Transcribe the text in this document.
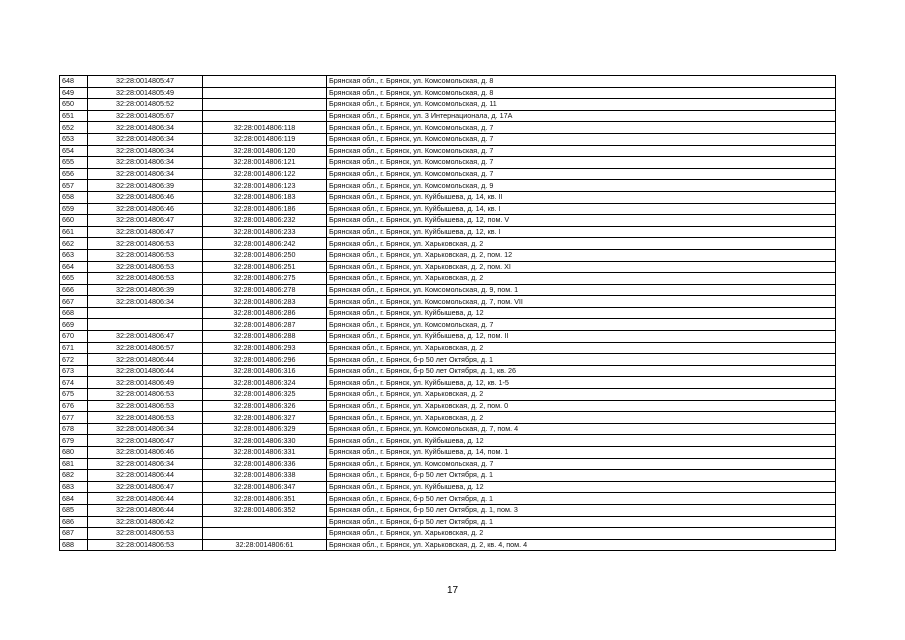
648	32:28:0014805:47		Брянская обл., г. Брянск, ул. Комсомольская, д. 8
649	32:28:0014805:49		Брянская обл., г. Брянск, ул. Комсомольская, д. 8
650	32:28:0014805:52		Брянская обл., г. Брянск, ул. Комсомольская, д. 11
651	32:28:0014805:67		Брянская обл., г. Брянск, ул. 3 Интернационала, д. 17А
652	32:28:0014806:34	32:28:0014806:118	Брянская обл., г. Брянск, ул. Комсомольская, д. 7
653	32:28:0014806:34	32:28:0014806:119	Брянская обл., г. Брянск, ул. Комсомольская, д. 7
654	32:28:0014806:34	32:28:0014806:120	Брянская обл., г. Брянск, ул. Комсомольская, д. 7
655	32:28:0014806:34	32:28:0014806:121	Брянская обл., г. Брянск, ул. Комсомольская, д. 7
656	32:28:0014806:34	32:28:0014806:122	Брянская обл., г. Брянск, ул. Комсомольская, д. 7
657	32:28:0014806:39	32:28:0014806:123	Брянская обл., г. Брянск, ул. Комсомольская, д. 9
658	32:28:0014806:46	32:28:0014806:183	Брянская обл., г. Брянск, ул. Куйбышева, д. 14, кв. II
659	32:28:0014806:46	32:28:0014806:186	Брянская обл., г. Брянск, ул. Куйбышева, д. 14, кв. I
660	32:28:0014806:47	32:28:0014806:232	Брянская обл., г. Брянск, ул. Куйбышева, д. 12, пом. V
661	32:28:0014806:47	32:28:0014806:233	Брянская обл., г. Брянск, ул. Куйбышева, д. 12, кв. I
662	32:28:0014806:53	32:28:0014806:242	Брянская обл., г. Брянск, ул. Харьковская, д. 2
663	32:28:0014806:53	32:28:0014806:250	Брянская обл., г. Брянск, ул. Харьковская, д. 2, пом. 12
664	32:28:0014806:53	32:28:0014806:251	Брянская обл., г. Брянск, ул. Харьковская, д. 2, пом. XI
665	32:28:0014806:53	32:28:0014806:275	Брянская обл., г. Брянск, ул. Харьковская, д. 2
666	32:28:0014806:39	32:28:0014806:278	Брянская обл., г. Брянск, ул. Комсомольская, д. 9, пом. 1
667	32:28:0014806:34	32:28:0014806:283	Брянская обл., г. Брянск, ул. Комсомольская, д. 7, пом. VII
668		32:28:0014806:286	Брянская обл., г. Брянск, ул. Куйбышева, д. 12
669		32:28:0014806:287	Брянская обл., г. Брянск, ул. Комсомольская, д. 7
670	32:28:0014806:47	32:28:0014806:288	Брянская обл., г. Брянск, ул. Куйбышева, д. 12, пом. II
671	32:28:0014806:57	32:28:0014806:293	Брянская обл., г. Брянск, ул. Харьковская, д. 2
672	32:28:0014806:44	32:28:0014806:296	Брянская обл., г. Брянск, б-р 50 лет Октября, д. 1
673	32:28:0014806:44	32:28:0014806:316	Брянская обл., г. Брянск, б-р 50 лет Октября, д. 1, кв. 26
674	32:28:0014806:49	32:28:0014806:324	Брянская обл., г. Брянск, ул. Куйбышева, д. 12, кв. 1-5
675	32:28:0014806:53	32:28:0014806:325	Брянская обл., г. Брянск, ул. Харьковская, д. 2
676	32:28:0014806:53	32:28:0014806:326	Брянская обл., г. Брянск, ул. Харьковская, д. 2, пом. 0
677	32:28:0014806:53	32:28:0014806:327	Брянская обл., г. Брянск, ул. Харьковская, д. 2
678	32:28:0014806:34	32:28:0014806:329	Брянская обл., г. Брянск, ул. Комсомольская, д. 7, пом. 4
679	32:28:0014806:47	32:28:0014806:330	Брянская обл., г. Брянск, ул. Куйбышева, д. 12
680	32:28:0014806:46	32:28:0014806:331	Брянская обл., г. Брянск, ул. Куйбышева, д. 14, пом. 1
681	32:28:0014806:34	32:28:0014806:336	Брянская обл., г. Брянск, ул. Комсомольская, д. 7
682	32:28:0014806:44	32:28:0014806:338	Брянская обл., г. Брянск, б-р 50 лет Октября, д. 1
683	32:28:0014806:47	32:28:0014806:347	Брянская обл., г. Брянск, ул. Куйбышева, д. 12
684	32:28:0014806:44	32:28:0014806:351	Брянская обл., г. Брянск, б-р 50 лет Октября, д. 1
685	32:28:0014806:44	32:28:0014806:352	Брянская обл., г. Брянск, б-р 50 лет Октября, д. 1, пом. 3
686	32:28:0014806:42		Брянская обл., г. Брянск, б-р 50 лет Октября, д. 1
687	32:28:0014806:53		Брянская обл., г. Брянск, ул. Харьковская, д. 2
688	32:28:0014806:53	32:28:0014806:61	Брянская обл., г. Брянск, ул. Харьковская, д. 2, кв. 4, пом. 4
17
